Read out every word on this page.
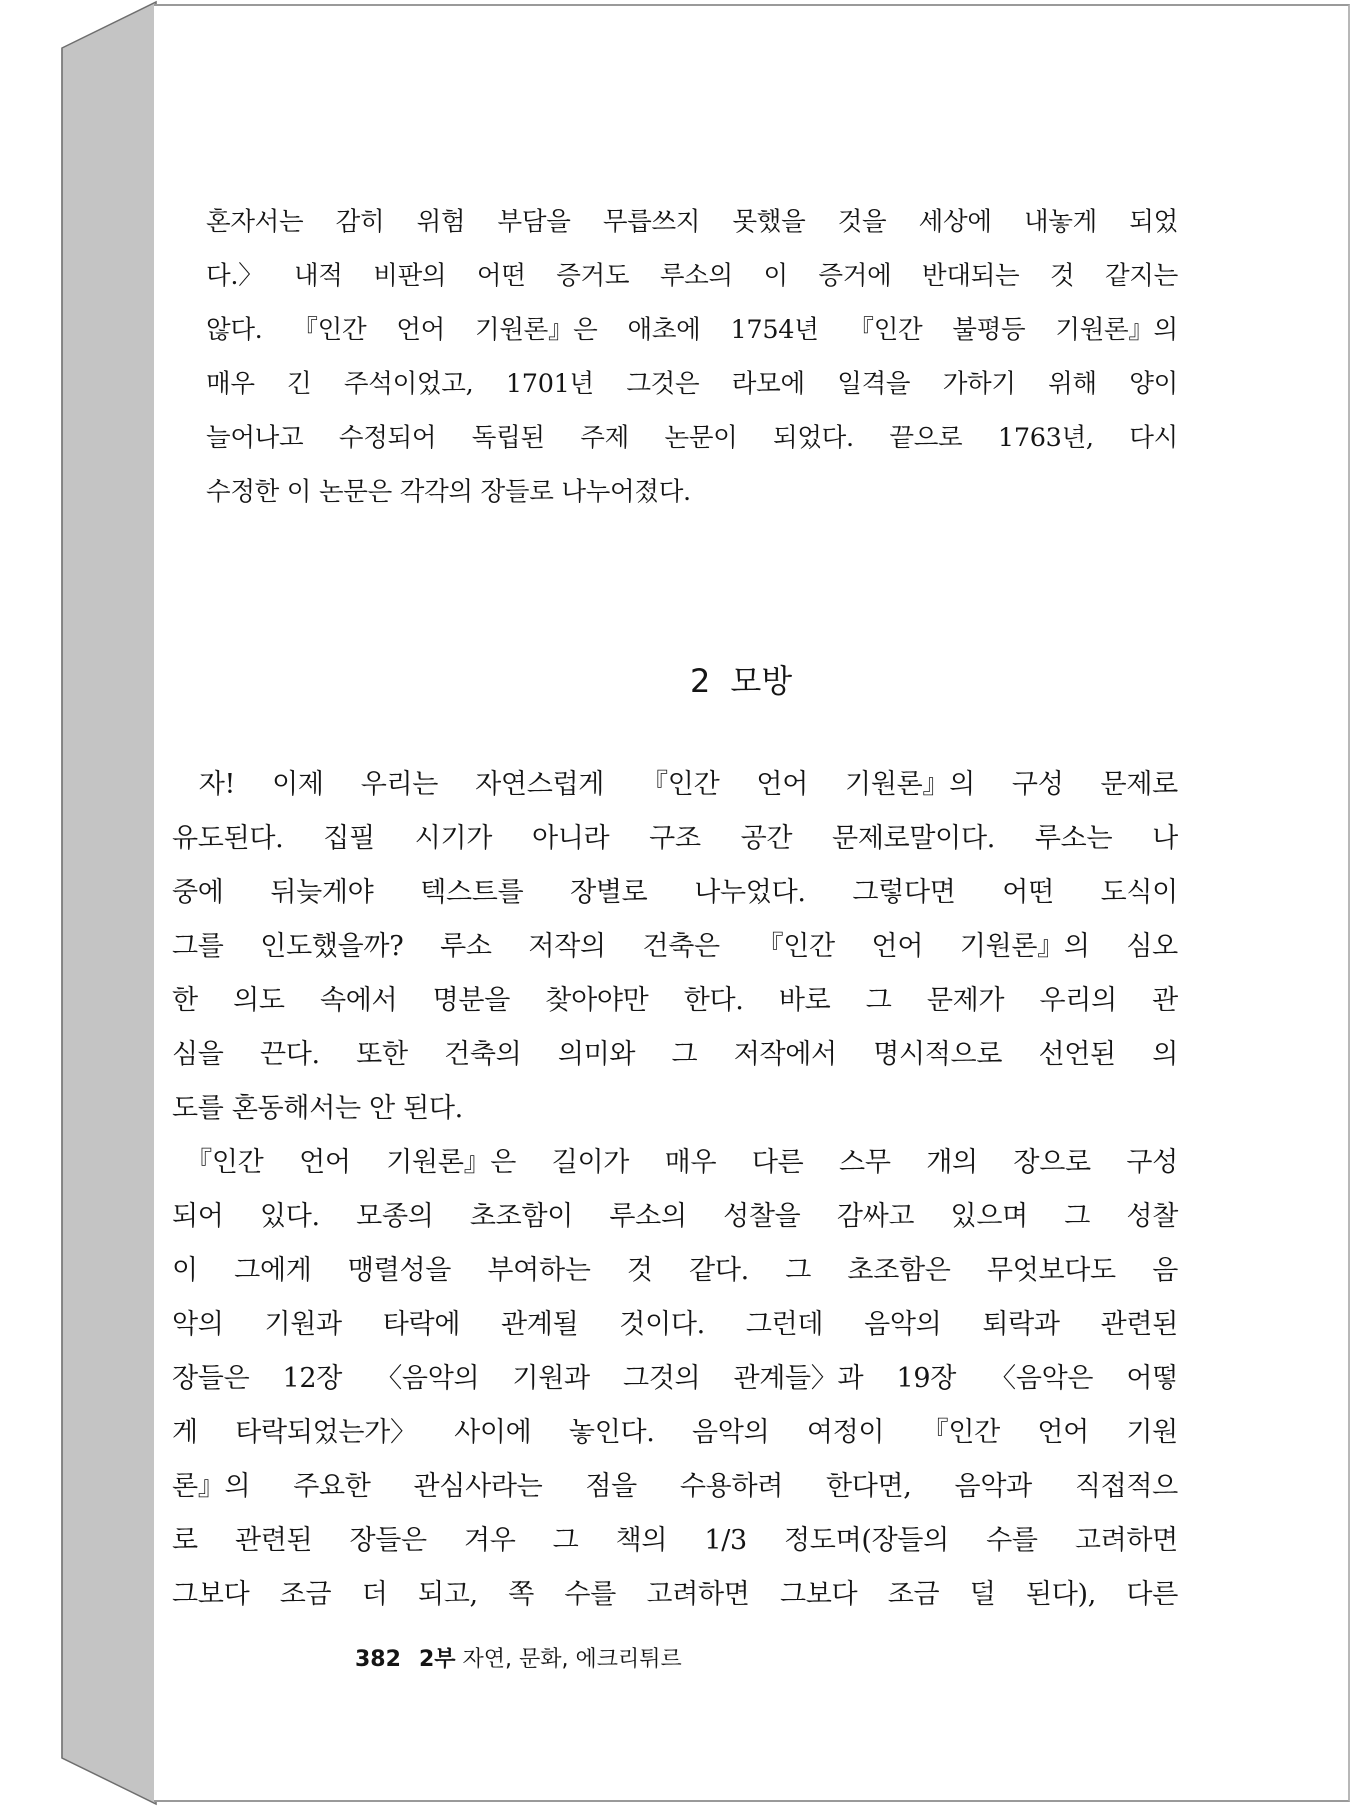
혼자서는 감히 위험 부담을 무릅쓰지 못했을 것을 세상에 내놓게 되었
다.〉 내적 비판의 어떤 증거도 루소의 이 증거에 반대되는 것 같지는
않다. 『인간 언어 기원론』은 애초에 1754년 『인간 불평등 기원론』의
매우 긴 주석이었고, 1701년 그것은 라모에 일격을 가하기 위해 양이
늘어나고 수정되어 독립된 주제 논문이 되었다. 끝으로 1763년, 다시
수정한 이 논문은 각각의 장들로 나누어졌다.
2 모방
　자! 이제 우리는 자연스럽게 『인간 언어 기원론』의 구성 문제로
유도된다. 집필 시기가 아니라 구조 공간 문제로말이다. 루소는 나
중에 뒤늦게야 텍스트를 장별로 나누었다. 그렇다면 어떤 도식이
그를 인도했을까? 루소 저작의 건축은 『인간 언어 기원론』의 심오
한 의도 속에서 명분을 찾아야만 한다. 바로 그 문제가 우리의 관
심을 끈다. 또한 건축의 의미와 그 저작에서 명시적으로 선언된 의
도를 혼동해서는 안 된다.
　『인간 언어 기원론』은 길이가 매우 다른 스무 개의 장으로 구성
되어 있다. 모종의 초조함이 루소의 성찰을 감싸고 있으며 그 성찰
이 그에게 맹렬성을 부여하는 것 같다. 그 초조함은 무엇보다도 음
악의 기원과 타락에 관계될 것이다. 그런데 음악의 퇴락과 관련된
장들은 12장 〈음악의 기원과 그것의 관계들〉과 19장 〈음악은 어떻
게 타락되었는가〉 사이에 놓인다. 음악의 여정이 『인간 언어 기원
론』의 주요한 관심사라는 점을 수용하려 한다면, 음악과 직접적으
로 관련된 장들은 겨우 그 책의 1/3 정도며(장들의 수를 고려하면
그보다 조금 더 되고, 쪽 수를 고려하면 그보다 조금 덜 된다), 다른
382 2부 자연, 문화, 에크리튀르
